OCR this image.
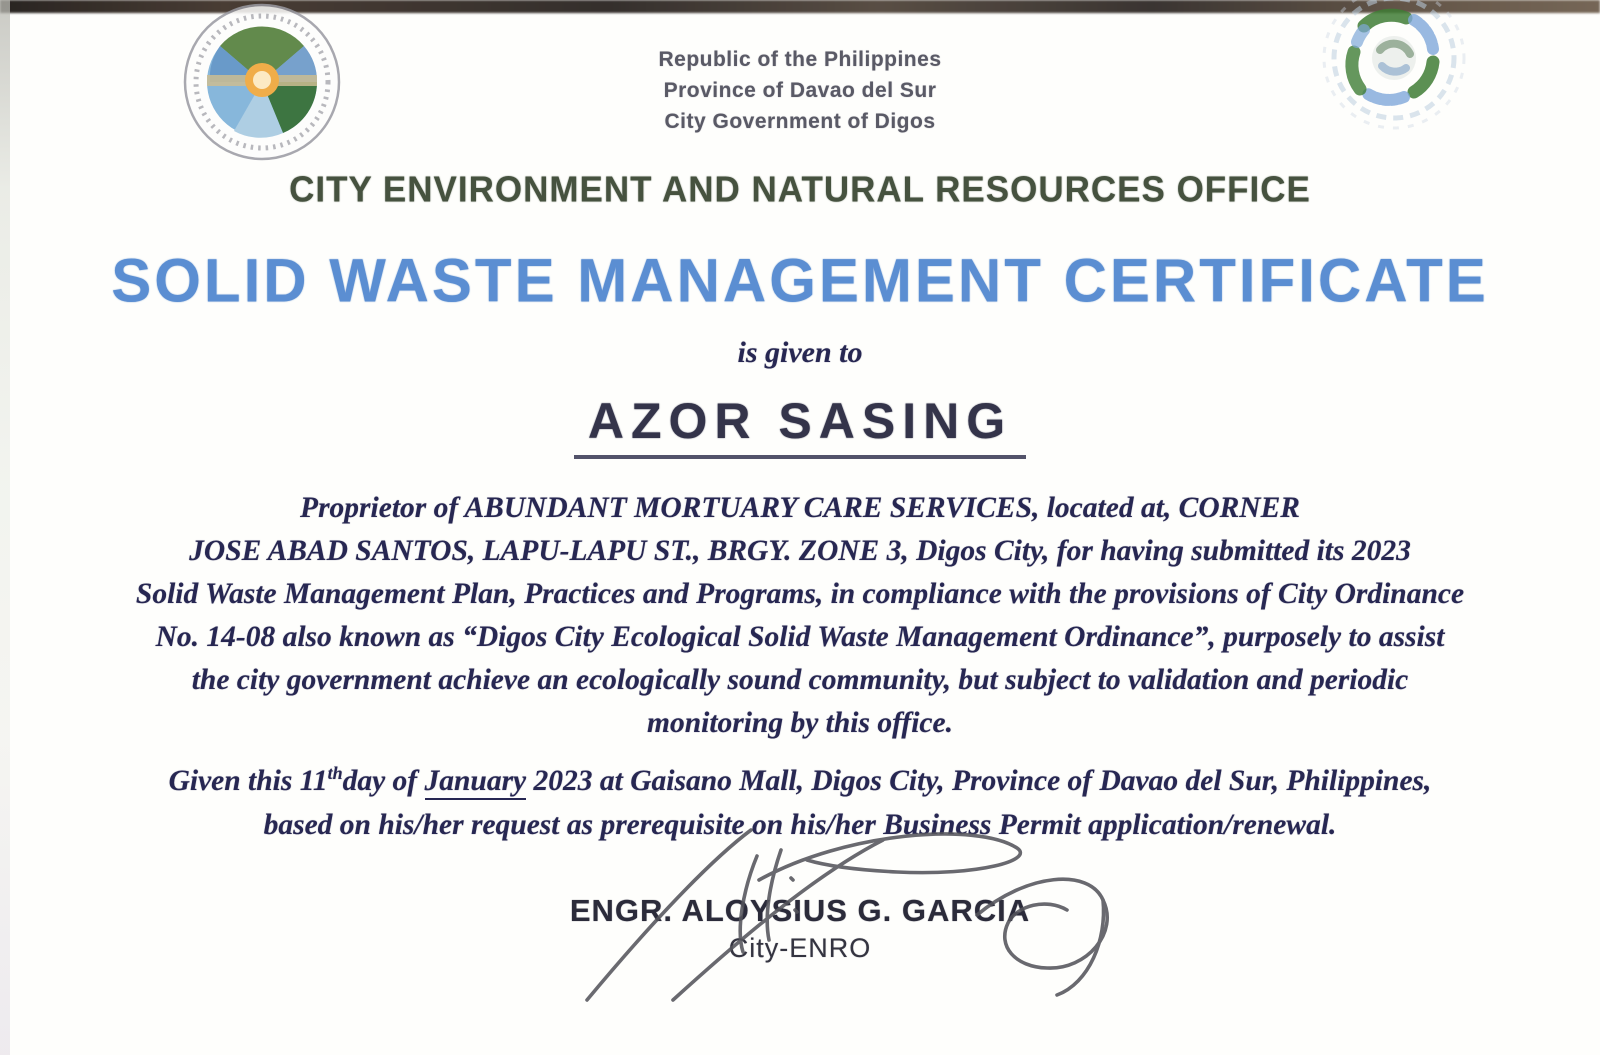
Republic of the Philippines
Province of Davao del Sur
City Government of Digos
CITY ENVIRONMENT AND NATURAL RESOURCES OFFICE
SOLID WASTE MANAGEMENT CERTIFICATE
is given to
AZOR SASING
Proprietor of ABUNDANT MORTUARY CARE SERVICES, located at, CORNER
JOSE ABAD SANTOS, LAPU-LAPU ST., BRGY. ZONE 3, Digos City, for having submitted its 2023
Solid Waste Management Plan, Practices and Programs, in compliance with the provisions of City Ordinance
No. 14-08 also known as “Digos City Ecological Solid Waste Management Ordinance”, purposely to assist
the city government achieve an ecologically sound community, but subject to validation and periodic
monitoring by this office.
Given this 11thday of January 2023 at Gaisano Mall, Digos City, Province of Davao del Sur, Philippines,
based on his/her request as prerequisite on his/her Business Permit application/renewal.
ENGR. ALOYSIUS G. GARCIA
City-ENRO
